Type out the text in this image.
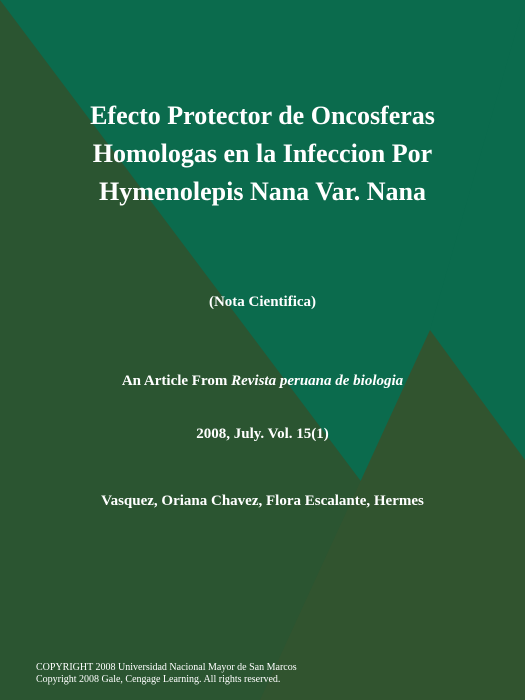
Efecto Protector de Oncosferas
Homologas en la Infeccion Por
Hymenolepis Nana Var. Nana
(Nota Cientifica)
An Article From Revista peruana de biologia
2008, July. Vol. 15(1)
Vasquez, Oriana Chavez, Flora Escalante, Hermes
COPYRIGHT 2008 Universidad Nacional Mayor de San Marcos
Copyright 2008 Gale, Cengage Learning. All rights reserved.
